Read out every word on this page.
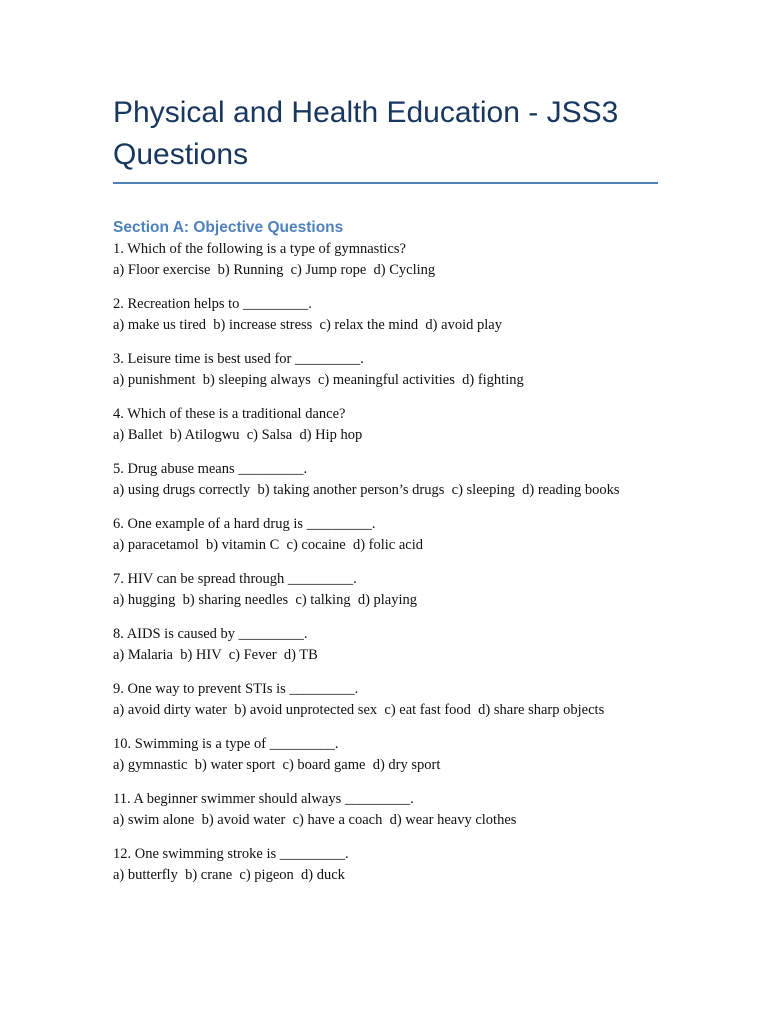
Physical and Health Education - JSS3 Questions
Section A: Objective Questions
1. Which of the following is a type of gymnastics?
a) Floor exercise  b) Running  c) Jump rope  d) Cycling
2. Recreation helps to _________.
a) make us tired  b) increase stress  c) relax the mind  d) avoid play
3. Leisure time is best used for _________.
a) punishment  b) sleeping always  c) meaningful activities  d) fighting
4. Which of these is a traditional dance?
a) Ballet  b) Atilogwu  c) Salsa  d) Hip hop
5. Drug abuse means _________.
a) using drugs correctly  b) taking another person’s drugs  c) sleeping  d) reading books
6. One example of a hard drug is _________.
a) paracetamol  b) vitamin C  c) cocaine  d) folic acid
7. HIV can be spread through _________.
a) hugging  b) sharing needles  c) talking  d) playing
8. AIDS is caused by _________.
a) Malaria  b) HIV  c) Fever  d) TB
9. One way to prevent STIs is _________.
a) avoid dirty water  b) avoid unprotected sex  c) eat fast food  d) share sharp objects
10. Swimming is a type of _________.
a) gymnastic  b) water sport  c) board game  d) dry sport
11. A beginner swimmer should always _________.
a) swim alone  b) avoid water  c) have a coach  d) wear heavy clothes
12. One swimming stroke is _________.
a) butterfly  b) crane  c) pigeon  d) duck
